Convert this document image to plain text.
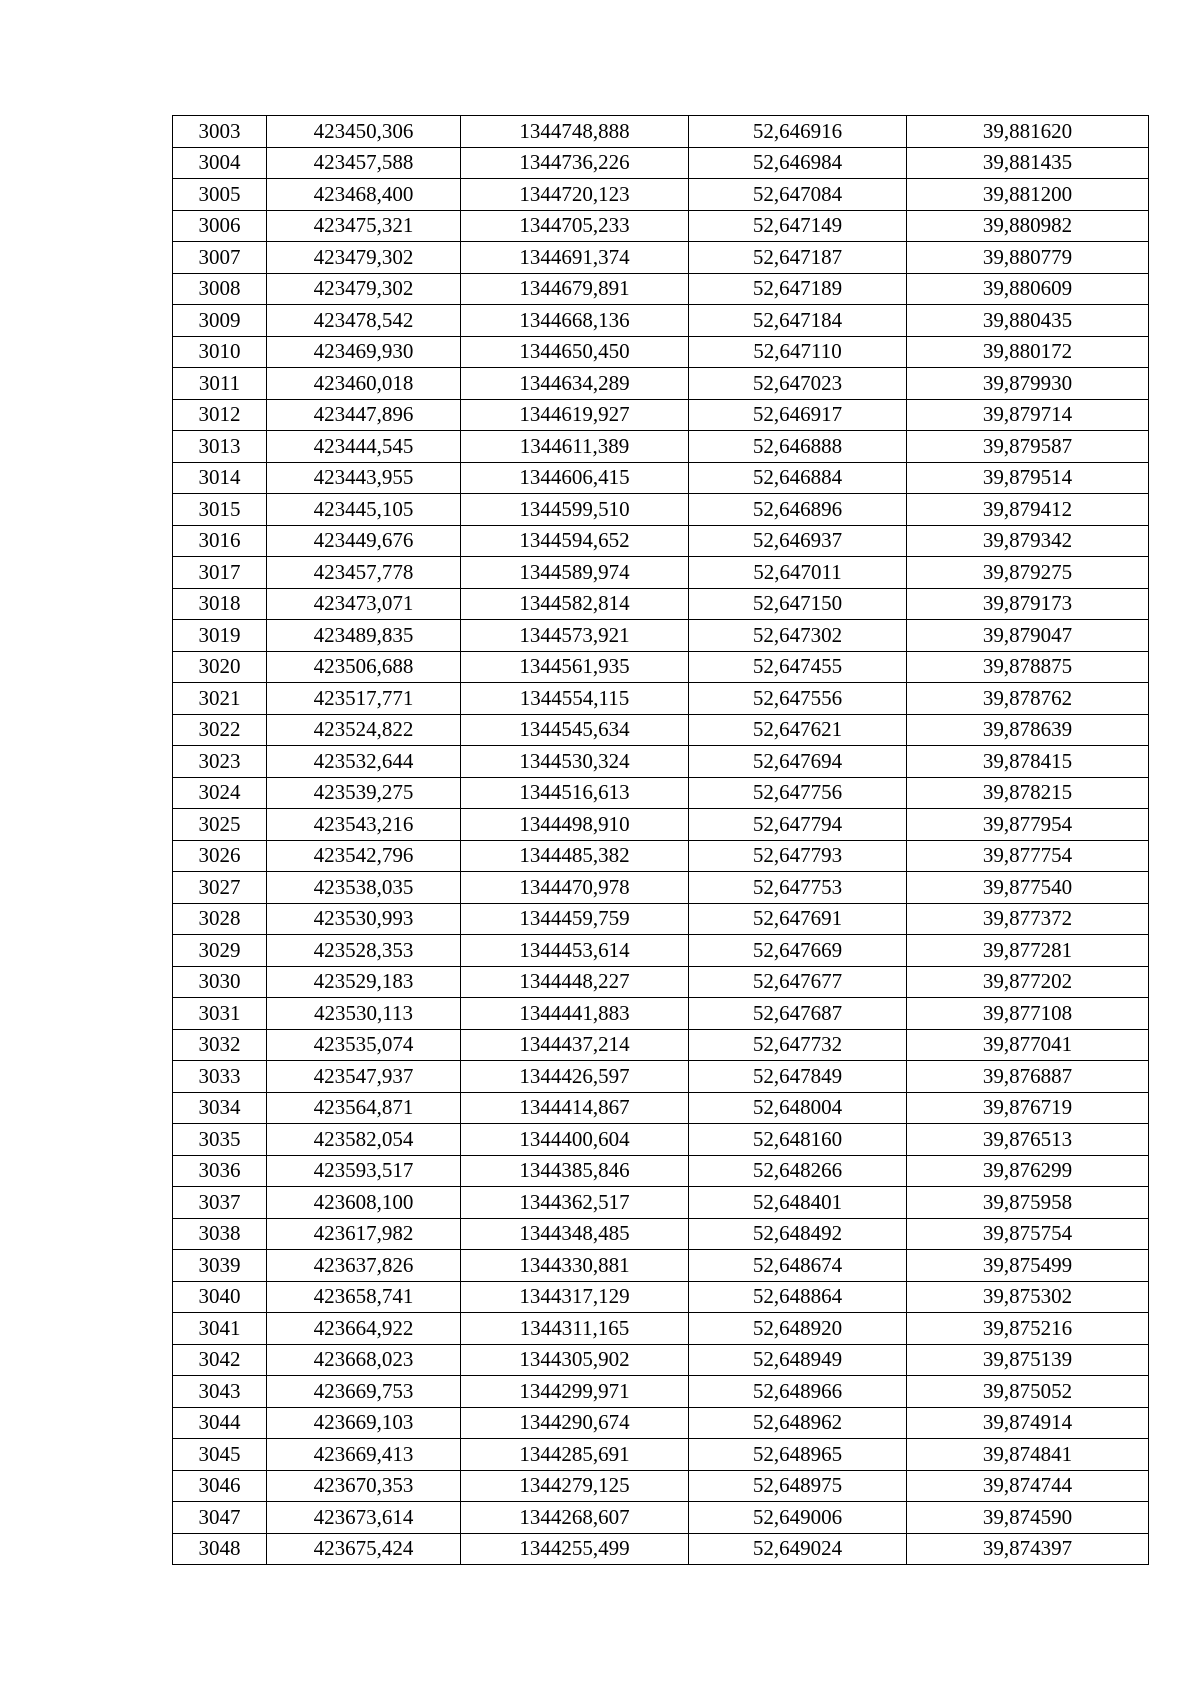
3003	423450,306	1344748,888	52,646916	39,881620
3004	423457,588	1344736,226	52,646984	39,881435
3005	423468,400	1344720,123	52,647084	39,881200
3006	423475,321	1344705,233	52,647149	39,880982
3007	423479,302	1344691,374	52,647187	39,880779
3008	423479,302	1344679,891	52,647189	39,880609
3009	423478,542	1344668,136	52,647184	39,880435
3010	423469,930	1344650,450	52,647110	39,880172
3011	423460,018	1344634,289	52,647023	39,879930
3012	423447,896	1344619,927	52,646917	39,879714
3013	423444,545	1344611,389	52,646888	39,879587
3014	423443,955	1344606,415	52,646884	39,879514
3015	423445,105	1344599,510	52,646896	39,879412
3016	423449,676	1344594,652	52,646937	39,879342
3017	423457,778	1344589,974	52,647011	39,879275
3018	423473,071	1344582,814	52,647150	39,879173
3019	423489,835	1344573,921	52,647302	39,879047
3020	423506,688	1344561,935	52,647455	39,878875
3021	423517,771	1344554,115	52,647556	39,878762
3022	423524,822	1344545,634	52,647621	39,878639
3023	423532,644	1344530,324	52,647694	39,878415
3024	423539,275	1344516,613	52,647756	39,878215
3025	423543,216	1344498,910	52,647794	39,877954
3026	423542,796	1344485,382	52,647793	39,877754
3027	423538,035	1344470,978	52,647753	39,877540
3028	423530,993	1344459,759	52,647691	39,877372
3029	423528,353	1344453,614	52,647669	39,877281
3030	423529,183	1344448,227	52,647677	39,877202
3031	423530,113	1344441,883	52,647687	39,877108
3032	423535,074	1344437,214	52,647732	39,877041
3033	423547,937	1344426,597	52,647849	39,876887
3034	423564,871	1344414,867	52,648004	39,876719
3035	423582,054	1344400,604	52,648160	39,876513
3036	423593,517	1344385,846	52,648266	39,876299
3037	423608,100	1344362,517	52,648401	39,875958
3038	423617,982	1344348,485	52,648492	39,875754
3039	423637,826	1344330,881	52,648674	39,875499
3040	423658,741	1344317,129	52,648864	39,875302
3041	423664,922	1344311,165	52,648920	39,875216
3042	423668,023	1344305,902	52,648949	39,875139
3043	423669,753	1344299,971	52,648966	39,875052
3044	423669,103	1344290,674	52,648962	39,874914
3045	423669,413	1344285,691	52,648965	39,874841
3046	423670,353	1344279,125	52,648975	39,874744
3047	423673,614	1344268,607	52,649006	39,874590
3048	423675,424	1344255,499	52,649024	39,874397
